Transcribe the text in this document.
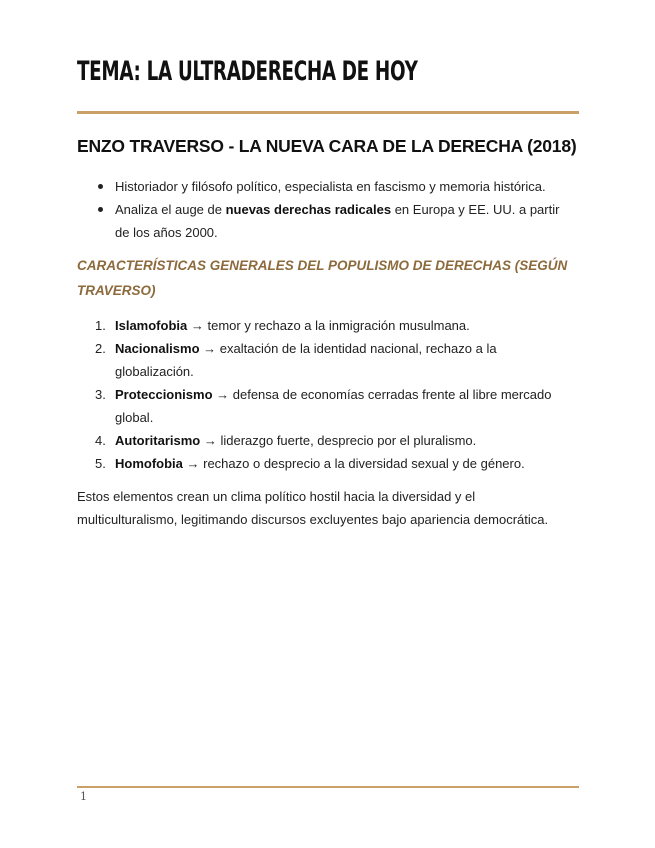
TEMA: LA ULTRADERECHA DE HOY
ENZO TRAVERSO - LA NUEVA CARA DE LA DERECHA (2018)
Historiador y filósofo político, especialista en fascismo y memoria histórica.
Analiza el auge de nuevas derechas radicales en Europa y EE. UU. a partir de los años 2000.
CARACTERÍSTICAS GENERALES DEL POPULISMO DE DERECHAS (SEGÚN TRAVERSO)
1. Islamofobia → temor y rechazo a la inmigración musulmana.
2. Nacionalismo → exaltación de la identidad nacional, rechazo a la globalización.
3. Proteccionismo → defensa de economías cerradas frente al libre mercado global.
4. Autoritarismo → liderazgo fuerte, desprecio por el pluralismo.
5. Homofobia → rechazo o desprecio a la diversidad sexual y de género.

Estos elementos crean un clima político hostil hacia la diversidad y el multiculturalismo, legitimando discursos excluyentes bajo apariencia democrática.

1
